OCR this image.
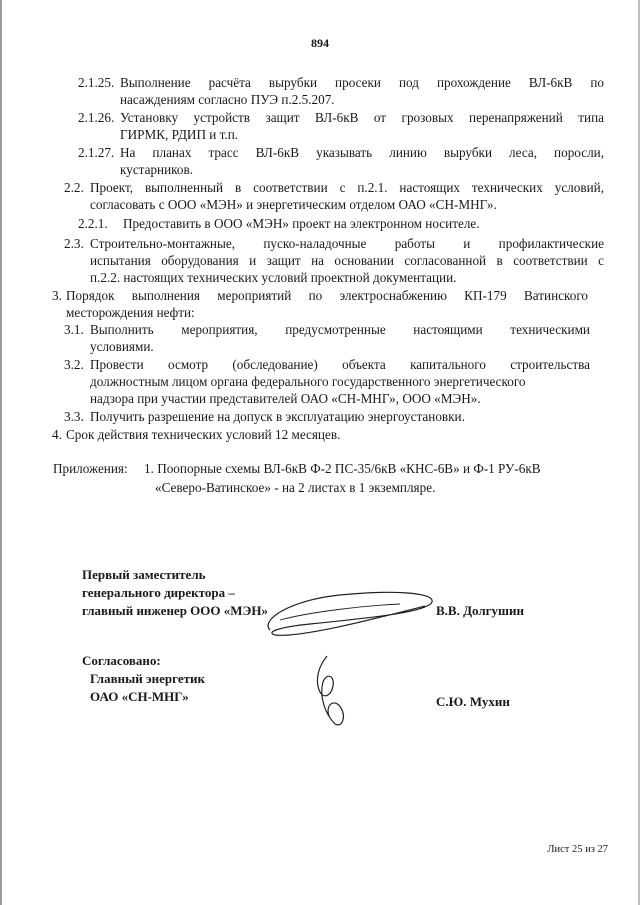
894
2.1.25. Выполнение расчёта вырубки просеки под прохождение ВЛ-6кВ по
насаждениям согласно ПУЭ п.2.5.207.
2.1.26. Установку устройств защит ВЛ-6кВ от грозовых перенапряжений типа
ГИРМК, РДИП и т.п.
2.1.27. На планах трасс ВЛ-6кВ указывать линию вырубки леса, поросли,
кустарников.
2.2. Проект, выполненный в соответствии с п.2.1. настоящих технических условий,
согласовать с ООО «МЭН» и энергетическим отделом ОАО «СН-МНГ».
2.2.1. Предоставить в ООО «МЭН» проект на электронном носителе.
2.3. Строительно-монтажные, пуско-наладочные работы и профилактические
испытания оборудования и защит на основании согласованной в соответствии с
п.2.2. настоящих технических условий проектной документации.
3. Порядок выполнения мероприятий по электроснабжению КП-179 Ватинского
месторождения нефти:
3.1. Выполнить мероприятия, предусмотренные настоящими техническими
условиями.
3.2. Провести осмотр (обследование) объекта капитального строительства
должностным лицом органа федерального государственного энергетического
надзора при участии представителей ОАО «СН-МНГ», ООО «МЭН».
3.3. Получить разрешение на допуск в эксплуатацию энергоустановки.
4. Срок действия технических условий 12 месяцев.
Приложения: 1. Поопорные схемы ВЛ-6кВ Ф-2 ПС-35/6кВ «КНС-6В» и Ф-1 РУ-6кВ
«Северо-Ватинское» - на 2 листах в 1 экземпляре.
Первый заместитель
генерального директора –
главный инженер ООО «МЭН»	В.В. Долгушин
Согласовано:
Главный энергетик
ОАО «СН-МНГ»	С.Ю. Мухин
Лист 25 из 27
